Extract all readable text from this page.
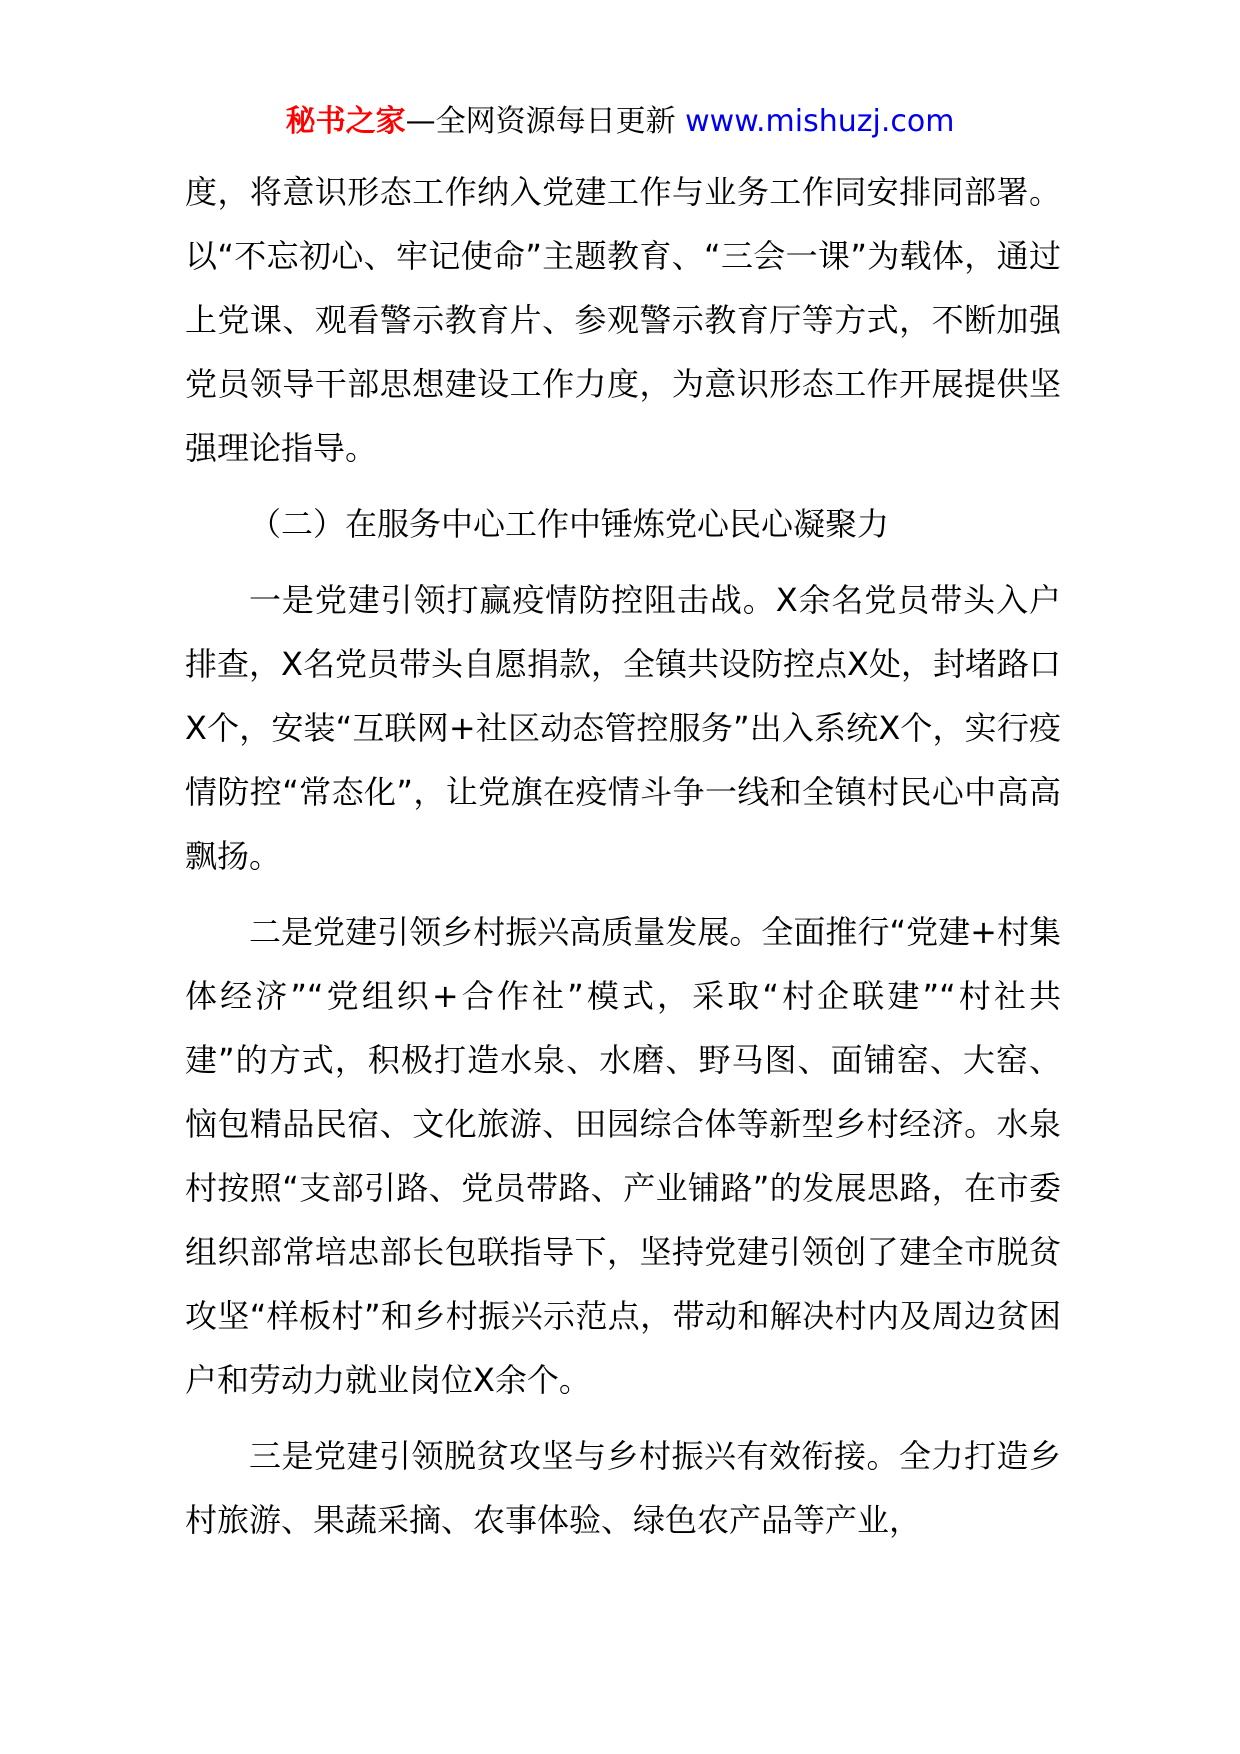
秘书之家—全网资源每日更新 www.mishuzj.com

度，将意识形态工作纳入党建工作与业务工作同安排同部署。以“不忘初心、牢记使命”主题教育、“三会一课”为载体，通过上党课、观看警示教育片、参观警示教育厅等方式，不断加强党员领导干部思想建设工作力度，为意识形态工作开展提供坚强理论指导。

（二）在服务中心工作中锤炼党心民心凝聚力

一是党建引领打赢疫情防控阻击战。X余名党员带头入户排查，X名党员带头自愿捐款，全镇共设防控点X处，封堵路口X个，安装“互联网+社区动态管控服务”出入系统X个，实行疫情防控“常态化”，让党旗在疫情斗争一线和全镇村民心中高高飘扬。

二是党建引领乡村振兴高质量发展。全面推行“党建+村集体经济”“党组织+合作社”模式，采取“村企联建”“村社共建”的方式，积极打造水泉、水磨、野马图、面铺窑、大窑、恼包精品民宿、文化旅游、田园综合体等新型乡村经济。水泉村按照“支部引路、党员带路、产业铺路”的发展思路，在市委组织部常培忠部长包联指导下，坚持党建引领创了建全市脱贫攻坚“样板村”和乡村振兴示范点，带动和解决村内及周边贫困户和劳动力就业岗位X余个。

三是党建引领脱贫攻坚与乡村振兴有效衔接。全力打造乡村旅游、果蔬采摘、农事体验、绿色农产品等产业，
